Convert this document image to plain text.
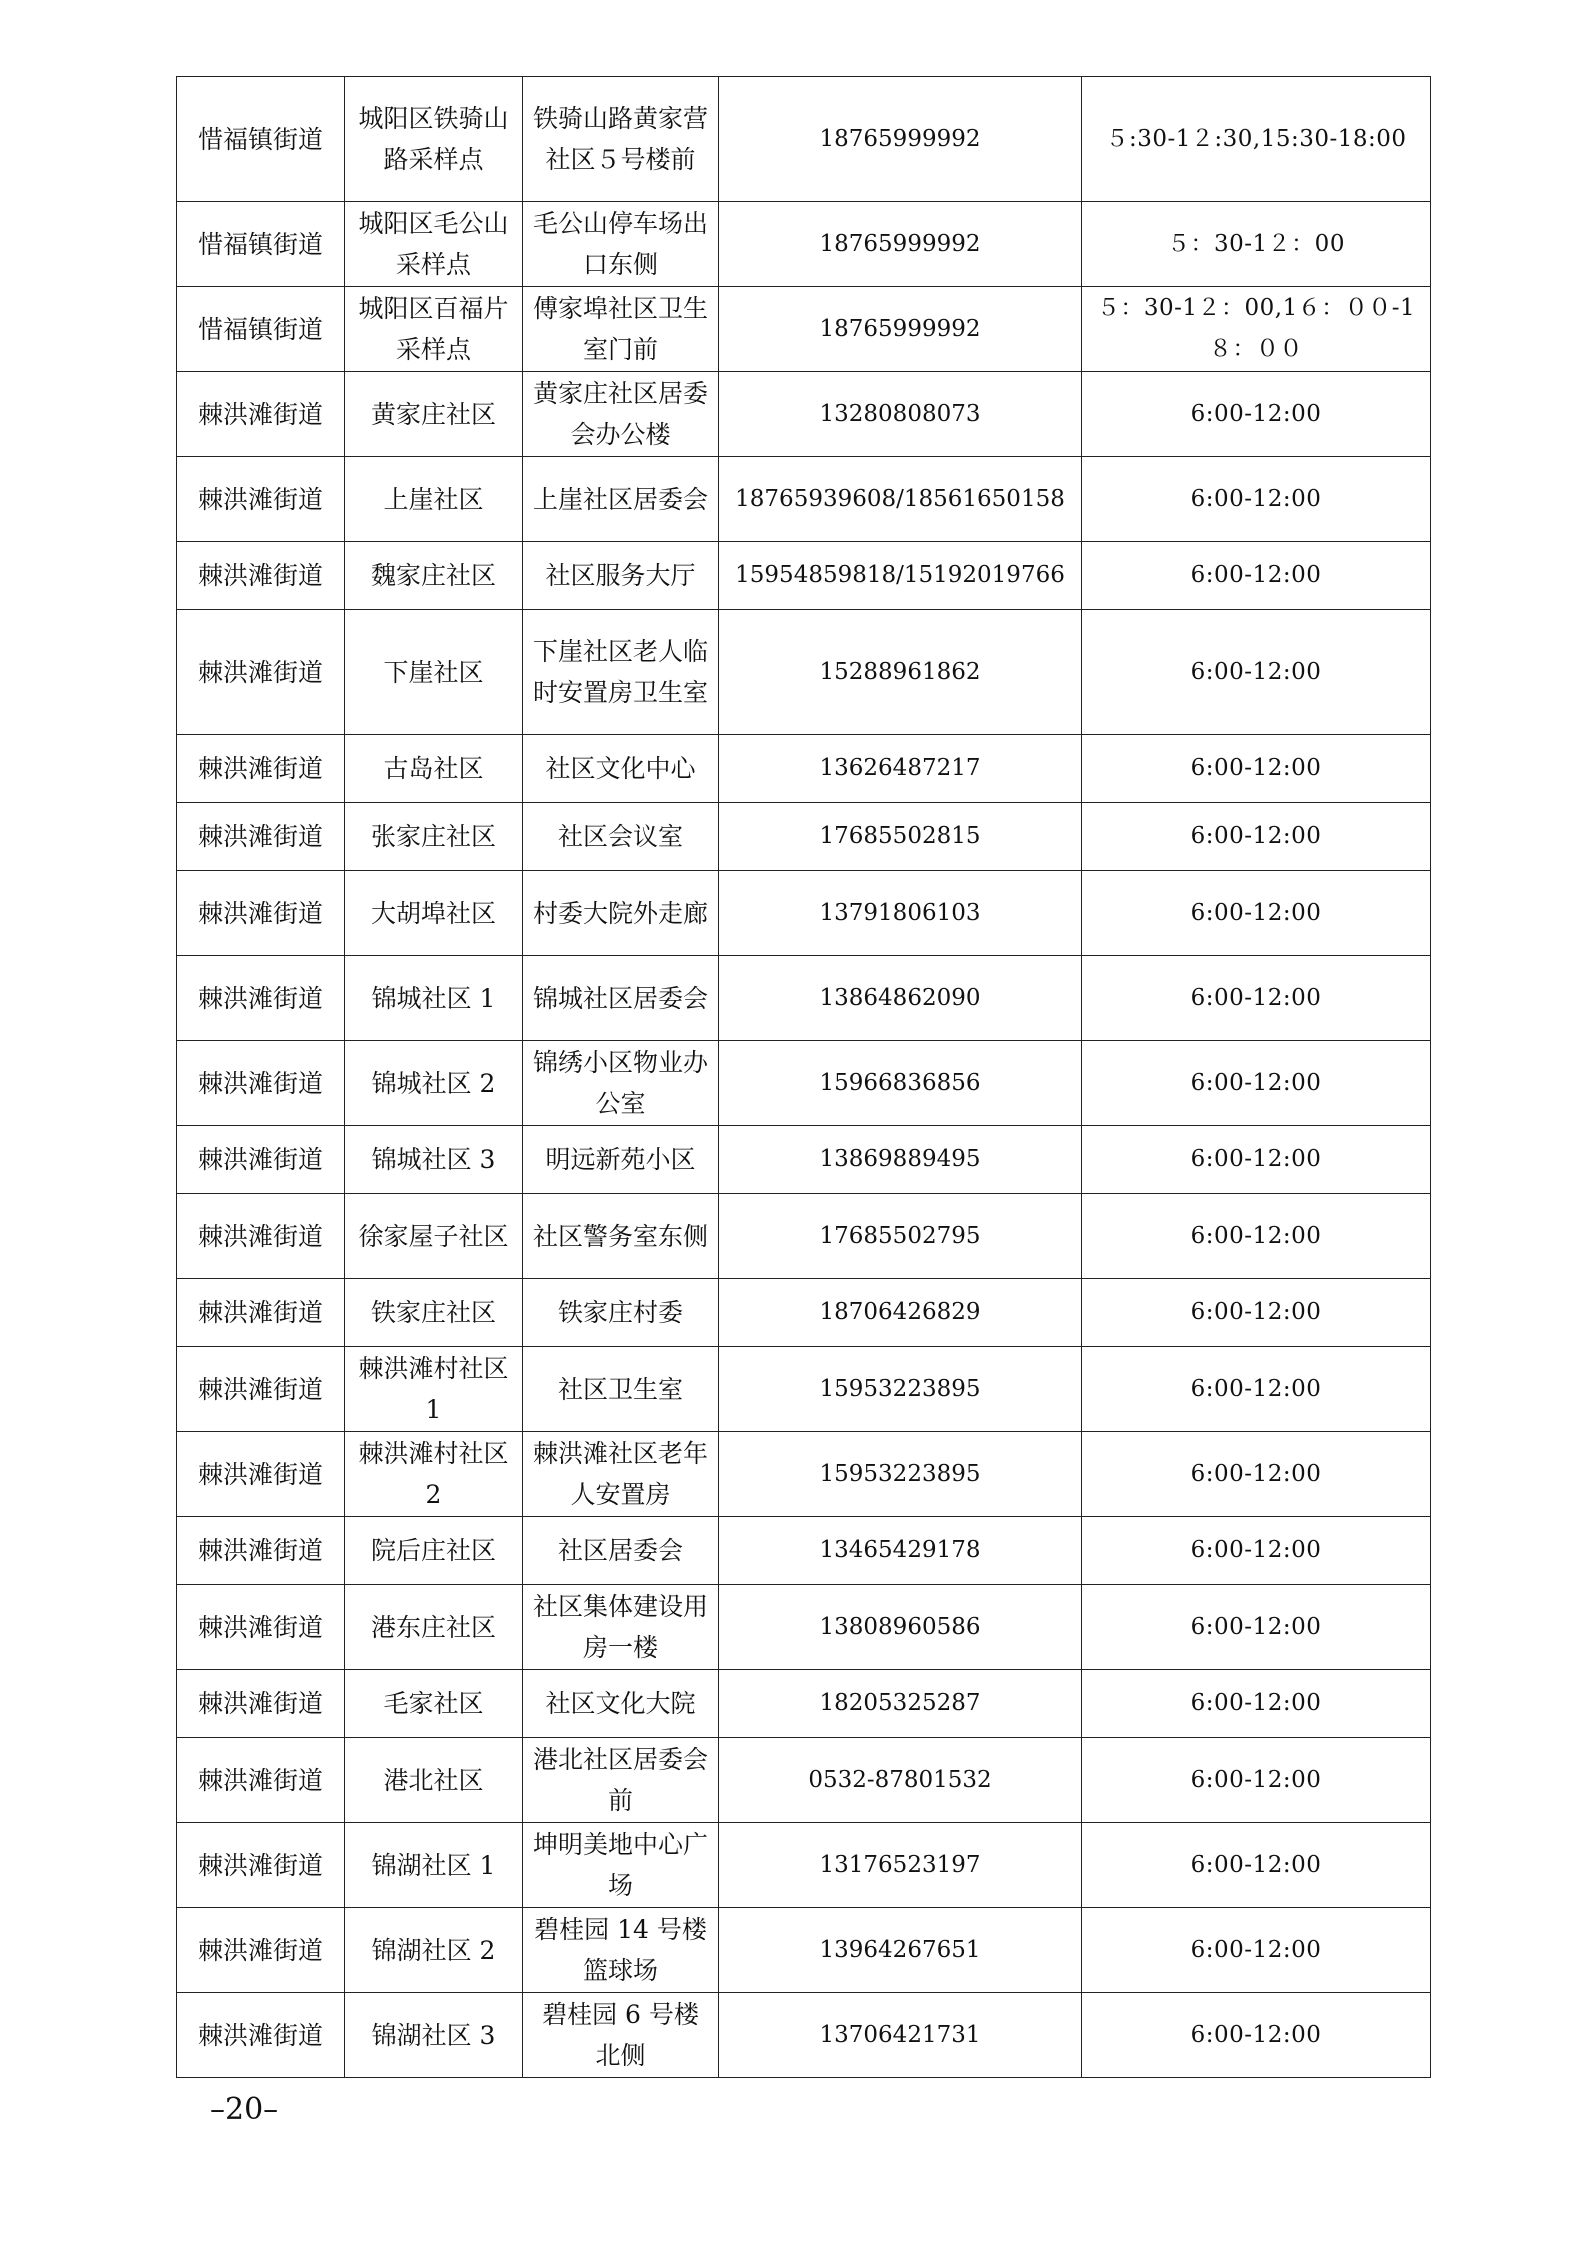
惜福镇街道	城阳区铁骑山路采样点	铁骑山路黄家营社区５号楼前	18765999992	５:30-1２:30,15:30-18:00
惜福镇街道	城阳区毛公山采样点	毛公山停车场出口东侧	18765999992	５：30-1２：00
惜福镇街道	城阳区百福片采样点	傅家埠社区卫生室门前	18765999992	５：30-1２：00,1６：００-1８：００
棘洪滩街道	黄家庄社区	黄家庄社区居委会办公楼	13280808073	6:00-12:00
棘洪滩街道	上崖社区	上崖社区居委会	18765939608/18561650158	6:00-12:00
棘洪滩街道	魏家庄社区	社区服务大厅	15954859818/15192019766	6:00-12:00
棘洪滩街道	下崖社区	下崖社区老人临时安置房卫生室	15288961862	6:00-12:00
棘洪滩街道	古岛社区	社区文化中心	13626487217	6:00-12:00
棘洪滩街道	张家庄社区	社区会议室	17685502815	6:00-12:00
棘洪滩街道	大胡埠社区	村委大院外走廊	13791806103	6:00-12:00
棘洪滩街道	锦城社区 1	锦城社区居委会	13864862090	6:00-12:00
棘洪滩街道	锦城社区 2	锦绣小区物业办公室	15966836856	6:00-12:00
棘洪滩街道	锦城社区 3	明远新苑小区	13869889495	6:00-12:00
棘洪滩街道	徐家屋子社区	社区警务室东侧	17685502795	6:00-12:00
棘洪滩街道	铁家庄社区	铁家庄村委	18706426829	6:00-12:00
棘洪滩街道	棘洪滩村社区 1	社区卫生室	15953223895	6:00-12:00
棘洪滩街道	棘洪滩村社区 2	棘洪滩社区老年人安置房	15953223895	6:00-12:00
棘洪滩街道	院后庄社区	社区居委会	13465429178	6:00-12:00
棘洪滩街道	港东庄社区	社区集体建设用房一楼	13808960586	6:00-12:00
棘洪滩街道	毛家社区	社区文化大院	18205325287	6:00-12:00
棘洪滩街道	港北社区	港北社区居委会前	0532-87801532	6:00-12:00
棘洪滩街道	锦湖社区 1	坤明美地中心广场	13176523197	6:00-12:00
棘洪滩街道	锦湖社区 2	碧桂园 14 号楼篮球场	13964267651	6:00-12:00
棘洪滩街道	锦湖社区 3	碧桂园 6 号楼北侧	13706421731	6:00-12:00
–20–
